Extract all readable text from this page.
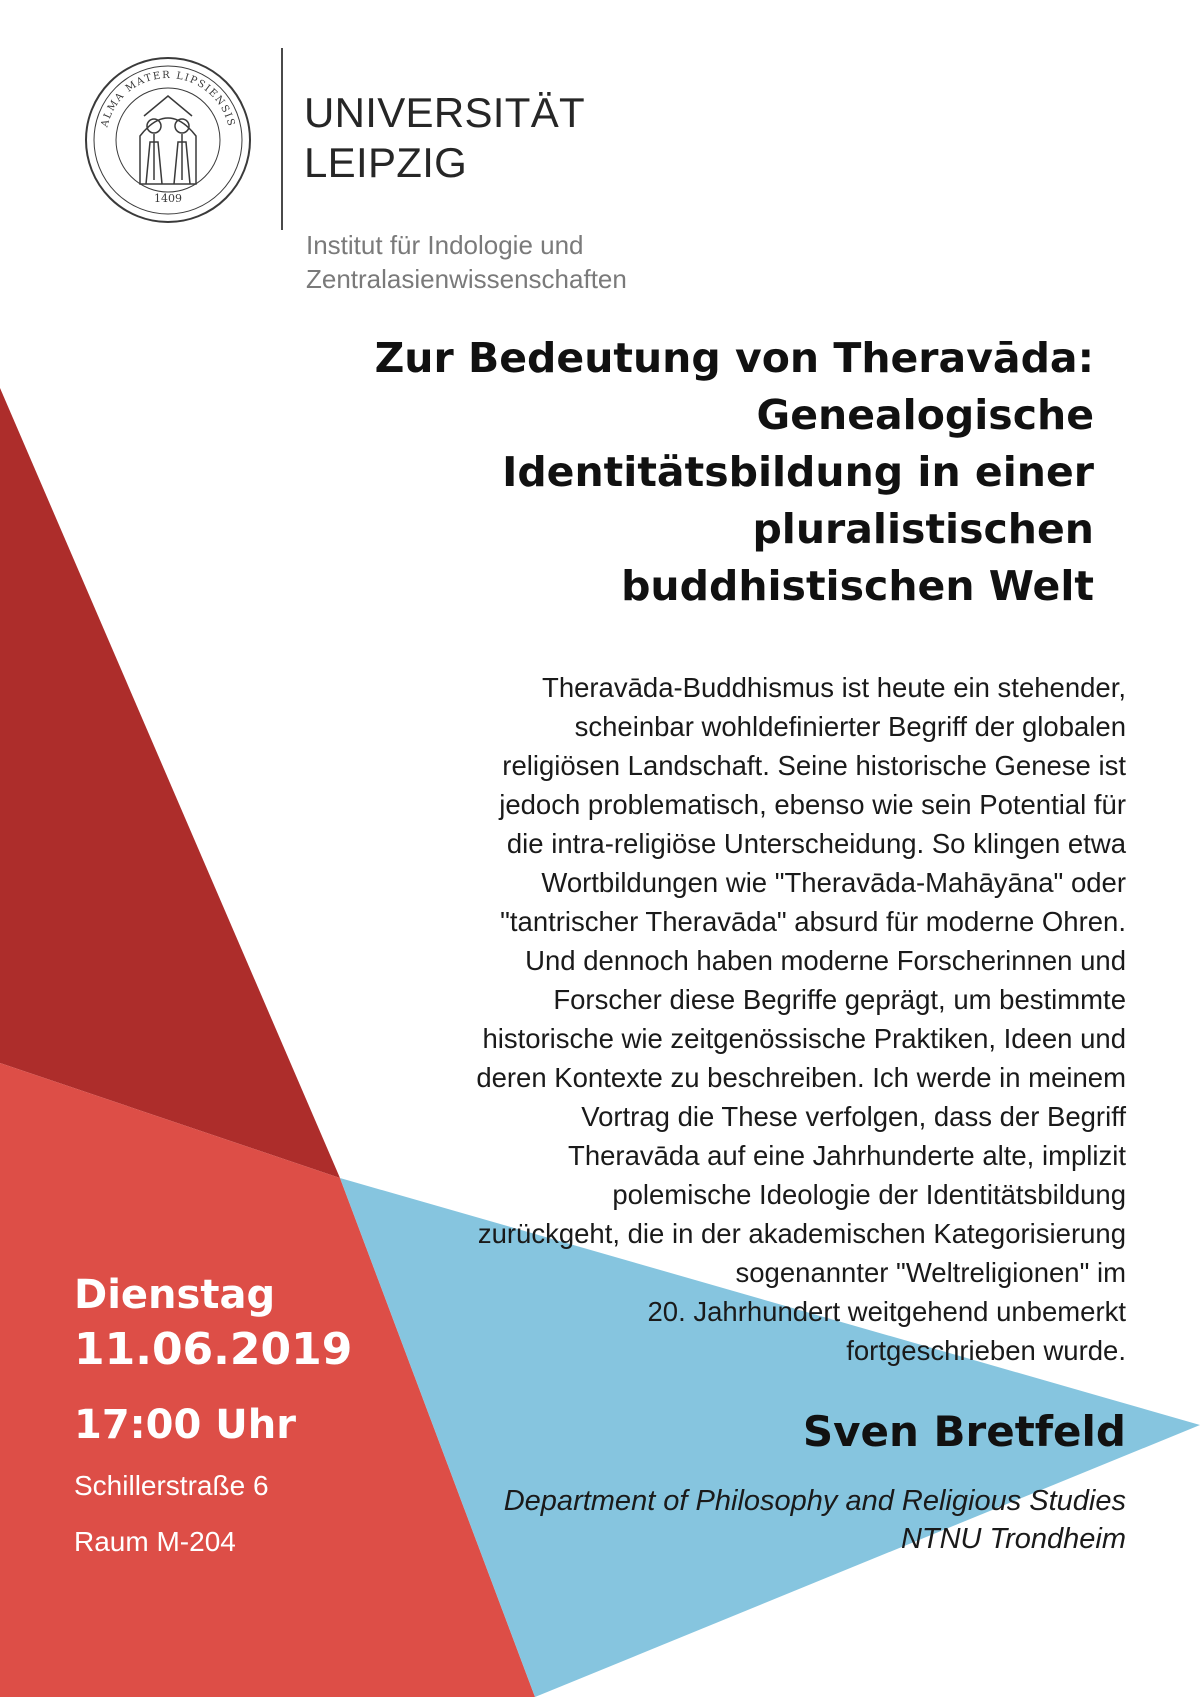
ALMA MATER LIPSIENSIS
1409
UNIVERSITÄT
LEIPZIG
Institut für Indologie und
Zentralasienwissenschaften
Zur Bedeutung von Theravāda:
Genealogische
Identitätsbildung in einer
pluralistischen
buddhistischen Welt
Theravāda-Buddhismus ist heute ein stehender,
scheinbar wohldefinierter Begriff der globalen
religiösen Landschaft. Seine historische Genese ist
jedoch problematisch, ebenso wie sein Potential für
die intra-religiöse Unterscheidung. So klingen etwa
Wortbildungen wie "Theravāda-Mahāyāna" oder
"tantrischer Theravāda" absurd für moderne Ohren.
Und dennoch haben moderne Forscherinnen und
Forscher diese Begriffe geprägt, um bestimmte
historische wie zeitgenössische Praktiken, Ideen und
deren Kontexte zu beschreiben. Ich werde in meinem
Vortrag die These verfolgen, dass der Begriff
Theravāda auf eine Jahrhunderte alte, implizit
polemische Ideologie der Identitätsbildung
zurückgeht, die in der akademischen Kategorisierung
sogenannter "Weltreligionen" im
20. Jahrhundert weitgehend unbemerkt
fortgeschrieben wurde.
Sven Bretfeld
Department of Philosophy and Religious Studies
NTNU Trondheim
Dienstag
11.06.2019
17:00 Uhr
Schillerstraße 6
Raum M-204
